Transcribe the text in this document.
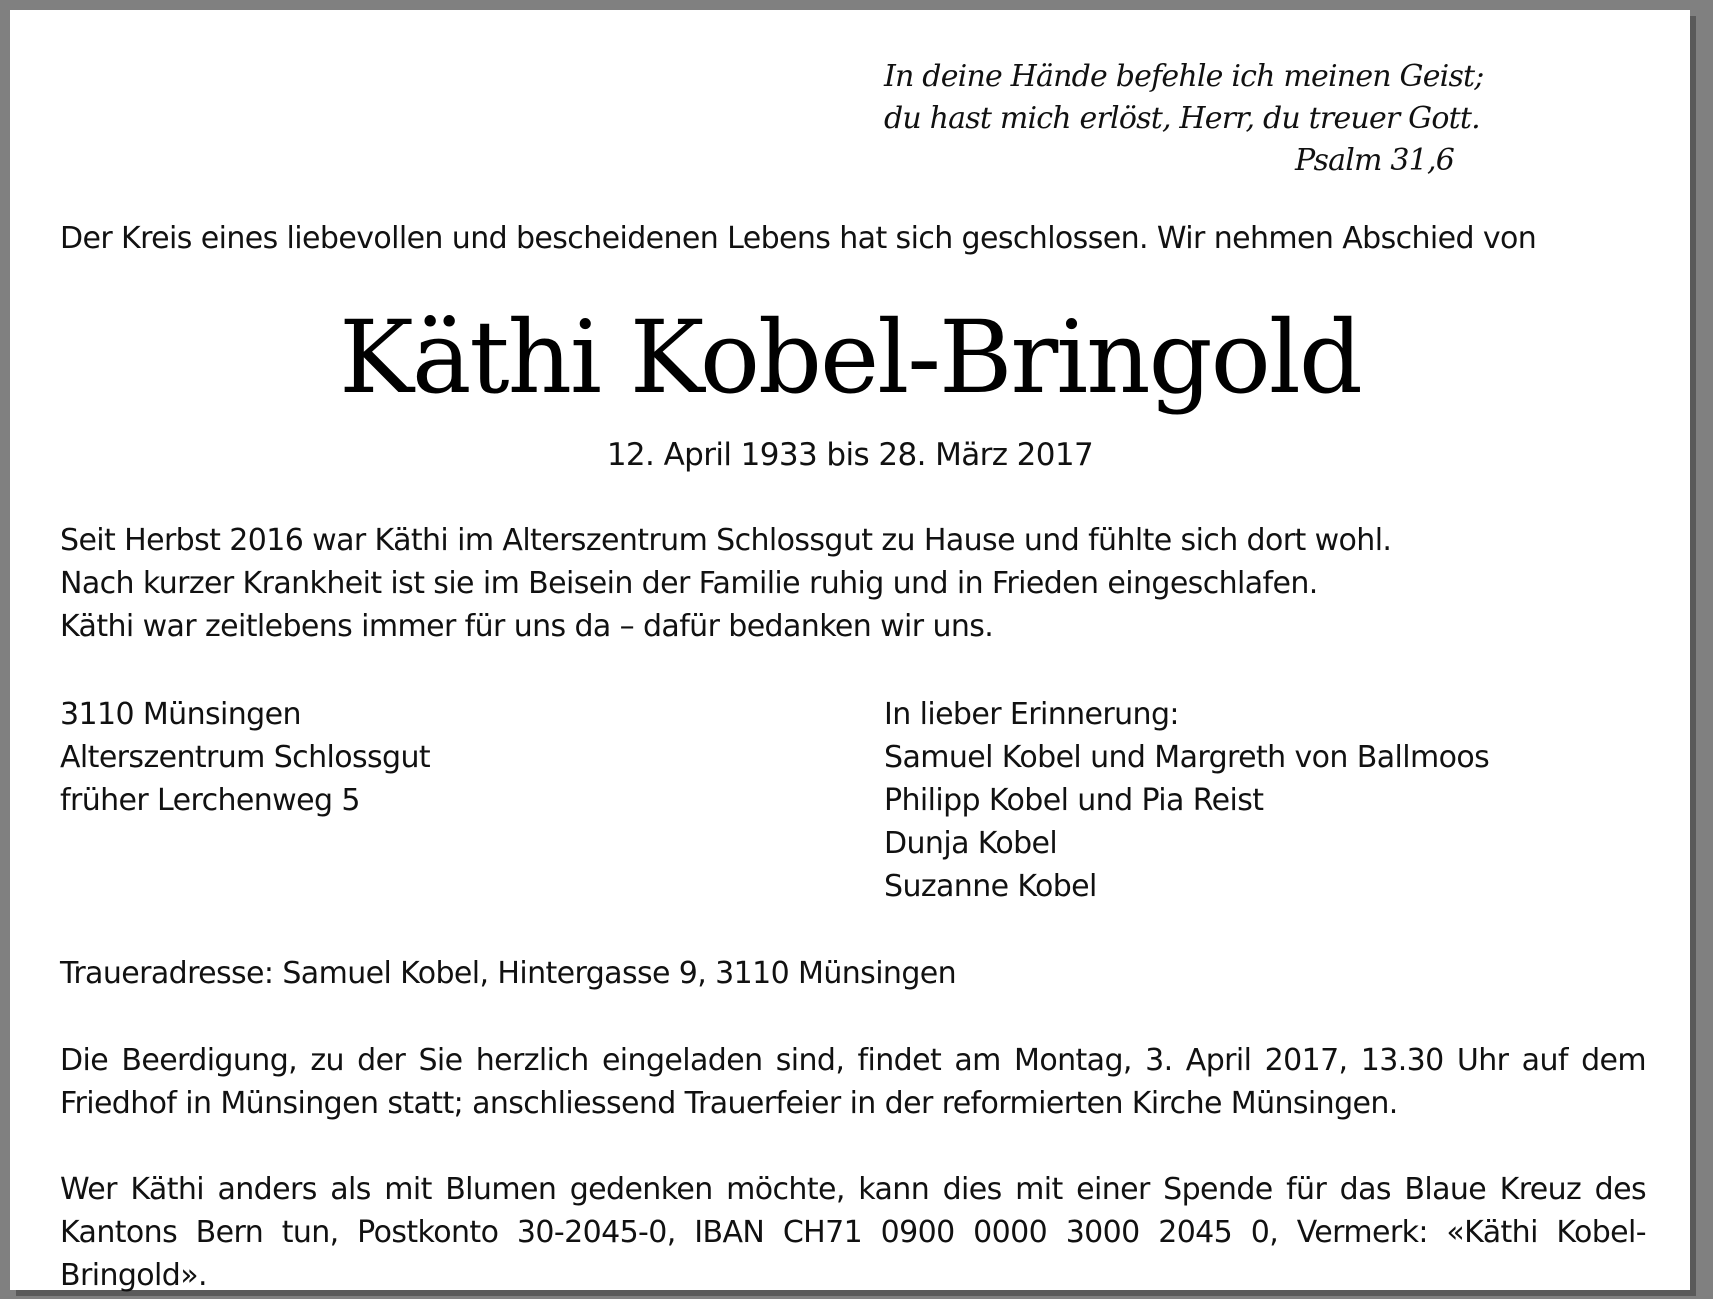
In deine Hände befehle ich meinen Geist;
du hast mich erlöst, Herr, du treuer Gott.
Psalm 31,6
Der Kreis eines liebevollen und bescheidenen Lebens hat sich geschlossen. Wir nehmen Abschied von
Käthi Kobel-Bringold
12. April 1933 bis 28. März 2017
Seit Herbst 2016 war Käthi im Alterszentrum Schlossgut zu Hause und fühlte sich dort wohl.
Nach kurzer Krankheit ist sie im Beisein der Familie ruhig und in Frieden eingeschlafen.
Käthi war zeitlebens immer für uns da – dafür bedanken wir uns.
3110 Münsingen
Alterszentrum Schlossgut
früher Lerchenweg 5
In lieber Erinnerung:
Samuel Kobel und Margreth von Ballmoos
Philipp Kobel und Pia Reist
Dunja Kobel
Suzanne Kobel
Traueradresse: Samuel Kobel, Hintergasse 9, 3110 Münsingen
Die Beerdigung, zu der Sie herzlich eingeladen sind, findet am Montag, 3. April 2017, 13.30 Uhr auf dem
Friedhof in Münsingen statt; anschliessend Trauerfeier in der reformierten Kirche Münsingen.
Wer Käthi anders als mit Blumen gedenken möchte, kann dies mit einer Spende für das Blaue Kreuz des
Kantons Bern tun, Postkonto 30-2045-0, IBAN CH71 0900 0000 3000 2045 0, Vermerk: «Käthi Kobel-Bringold».
